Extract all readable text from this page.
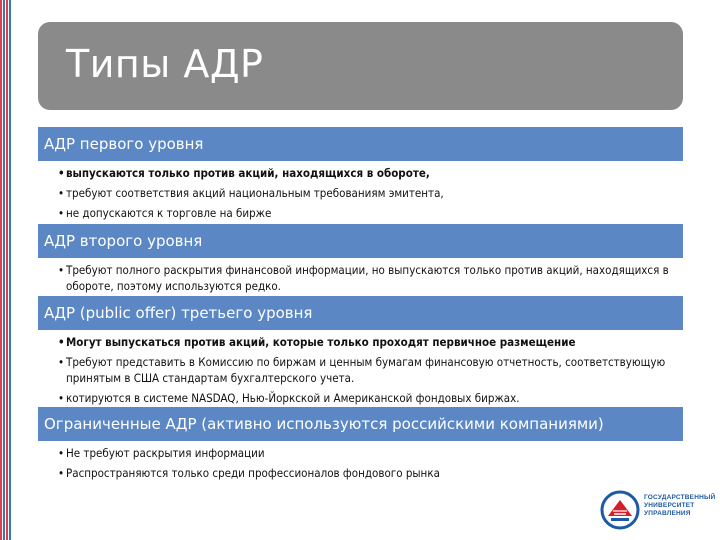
Типы АДР
АДР первого уровня
• выпускаются только против акций, находящихся в обороте,
• требуют соответствия акций национальным требованиям эмитента,
• не допускаются к торговле на бирже
АДР второго уровня
• Требуют полного раскрытия финансовой информации, но выпускаются только против акций, находящихся в обороте, поэтому используются редко.
АДР (public offer) третьего уровня
• Могут выпускаться против акций, которые только проходят первичное размещение
• Требуют представить в Комиссию по биржам и ценным бумагам финансовую отчетность, соответствующую принятым в США стандартам бухгалтерского учета.
• котируются в системе NASDAQ, Нью-Йоркской и Американской фондовых биржах.
Ограниченные АДР (активно используются российскими компаниями)
• Не требуют раскрытия информации
• Распространяются только среди профессионалов фондового рынка
ГОСУДАРСТВЕННЫЙ
УНИВЕРСИТЕТ
УПРАВЛЕНИЯ
